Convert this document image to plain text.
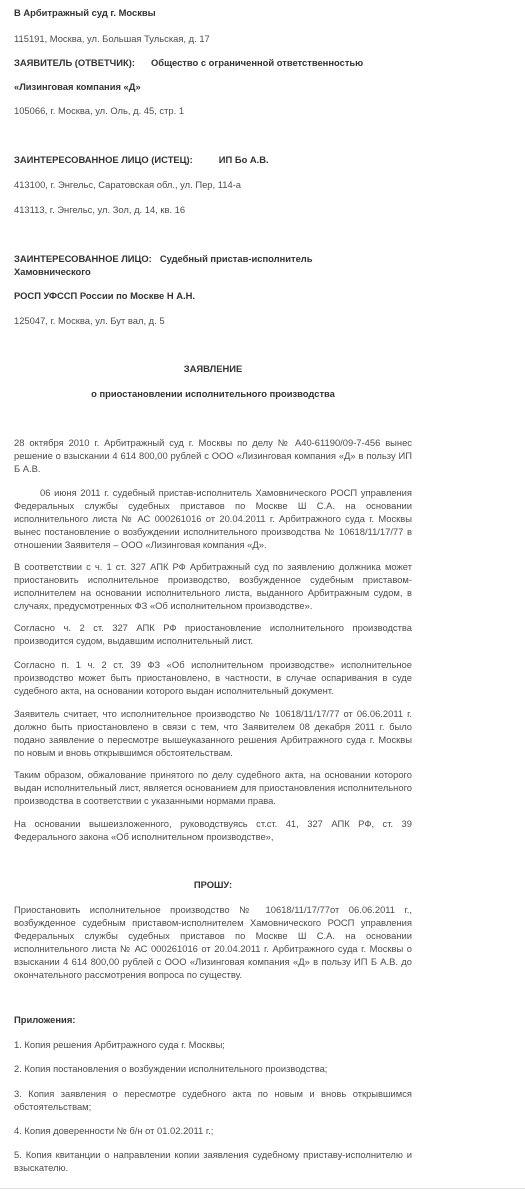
В Арбитражный суд г. Москвы

115191, Москва, ул. Большая Тульская, д. 17

ЗАЯВИТЕЛЬ (ОТВЕТЧИК): Общество с ограниченной ответственностью

«Лизинговая компания «Д»

105066, г. Москва, ул. Оль, д. 45, стр. 1

ЗАИНТЕРЕСОВАННОЕ ЛИЦО (ИСТЕЦ):	ИП Бо А.В.

413100, г. Энгельс, Саратовская обл., ул. Пер, 114-а

413113, г. Энгельс, ул. Зол, д. 14, кв. 16

ЗАИНТЕРЕСОВАННОЕ ЛИЦО: Судебный пристав-исполнитель

Хамовнического

РОСП УФССП России по Москве Н А.Н.

125047, г. Москва, ул. Бут вал, д. 5

ЗАЯВЛЕНИЕ

о приостановлении исполнительного производства

28 октября 2010 г. Арбитражный суд г. Москвы по делу № А40-61190/09-7-456 вынес решение о взыскании 4 614 800,00 рублей с ООО «Лизинговая компания «Д» в пользу ИП Б А.В.

06 июня 2011 г. судебный пристав-исполнитель Хамовнического РОСП управления Федеральных службы судебных приставов по Москве Ш С.А. на основании исполнительного листа № АС 000261016 от 20.04.2011 г. Арбитражного суда г. Москвы вынес постановление о возбуждении исполнительного производства № 10618/11/17/77 в отношении Заявителя – ООО «Лизинговая компания «Д».

В соответствии с ч. 1 ст. 327 АПК РФ Арбитражный суд по заявлению должника может приостановить исполнительное производство, возбужденное судебным приставом-исполнителем на основании исполнительного листа, выданного Арбитражным судом, в случаях, предусмотренных ФЗ «Об исполнительном производстве».

Согласно ч. 2 ст. 327 АПК РФ приостановление исполнительного производства производится судом, выдавшим исполнительный лист.

Согласно п. 1 ч. 2 ст. 39 ФЗ «Об исполнительном производстве» исполнительное производство может быть приостановлено, в частности, в случае оспаривания в суде судебного акта, на основании которого выдан исполнительный документ.

Заявитель считает, что исполнительное производство № 10618/11/17/77 от 06.06.2011 г. должно быть приостановлено в связи с тем, что Заявителем 08 декабря 2011 г. было подано заявление о пересмотре вышеуказанного решения Арбитражного суда г. Москвы по новым и вновь открывшимся обстоятельствам.

Таким образом, обжалование принятого по делу судебного акта, на основании которого выдан исполнительный лист, является основанием для приостановления исполнительного производства в соответствии с указанными нормами права.

На основании вышеизложенного, руководствуясь ст.ст. 41, 327 АПК РФ, ст. 39 Федерального закона «Об исполнительном производстве»,

ПРОШУ:

Приостановить исполнительное производство № 10618/11/17/77от 06.06.2011 г., возбужденное судебным приставом-исполнителем Хамовнического РОСП управления Федеральных службы судебных приставов по Москве Ш С.А. на основании исполнительного листа № АС 000261016 от 20.04.2011 г. Арбитражного суда г. Москвы о взыскании 4 614 800,00 рублей с ООО «Лизинговая компания «Д» в пользу ИП Б А.В. до окончательного рассмотрения вопроса по существу.

Приложения:

1. Копия решения Арбитражного суда г. Москвы;

2. Копия постановления о возбуждении исполнительного производства;

3. Копия заявления о пересмотре судебного акта по новым и вновь открывшимся обстоятельствам;

4. Копия доверенности № б/н от 01.02.2011 г.;

5. Копия квитанции о направлении копии заявления судебному приставу-исполнителю и взыскателю.
